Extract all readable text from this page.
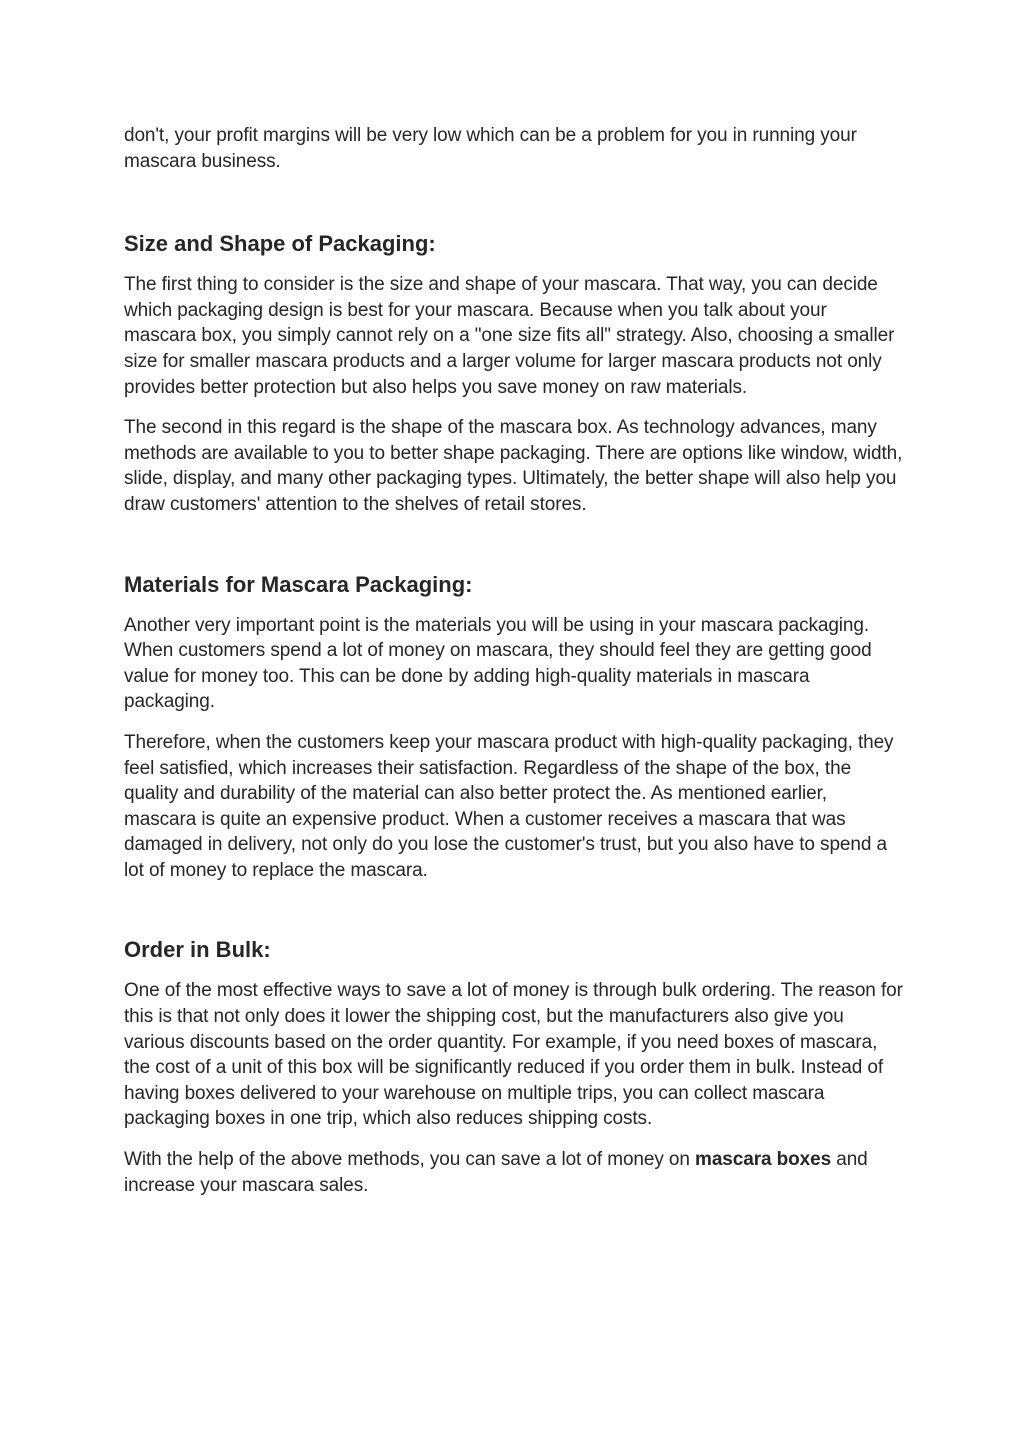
don't, your profit margins will be very low which can be a problem for you in running your mascara business.

Size and Shape of Packaging:

The first thing to consider is the size and shape of your mascara. That way, you can decide which packaging design is best for your mascara. Because when you talk about your mascara box, you simply cannot rely on a "one size fits all" strategy. Also, choosing a smaller size for smaller mascara products and a larger volume for larger mascara products not only provides better protection but also helps you save money on raw materials.

The second in this regard is the shape of the mascara box. As technology advances, many methods are available to you to better shape packaging. There are options like window, width, slide, display, and many other packaging types. Ultimately, the better shape will also help you draw customers' attention to the shelves of retail stores.

Materials for Mascara Packaging:

Another very important point is the materials you will be using in your mascara packaging. When customers spend a lot of money on mascara, they should feel they are getting good value for money too. This can be done by adding high-quality materials in mascara packaging.

Therefore, when the customers keep your mascara product with high-quality packaging, they feel satisfied, which increases their satisfaction. Regardless of the shape of the box, the quality and durability of the material can also better protect the. As mentioned earlier, mascara is quite an expensive product. When a customer receives a mascara that was damaged in delivery, not only do you lose the customer's trust, but you also have to spend a lot of money to replace the mascara.

Order in Bulk:

One of the most effective ways to save a lot of money is through bulk ordering. The reason for this is that not only does it lower the shipping cost, but the manufacturers also give you various discounts based on the order quantity. For example, if you need boxes of mascara, the cost of a unit of this box will be significantly reduced if you order them in bulk. Instead of having boxes delivered to your warehouse on multiple trips, you can collect mascara packaging boxes in one trip, which also reduces shipping costs.

With the help of the above methods, you can save a lot of money on mascara boxes and increase your mascara sales.
